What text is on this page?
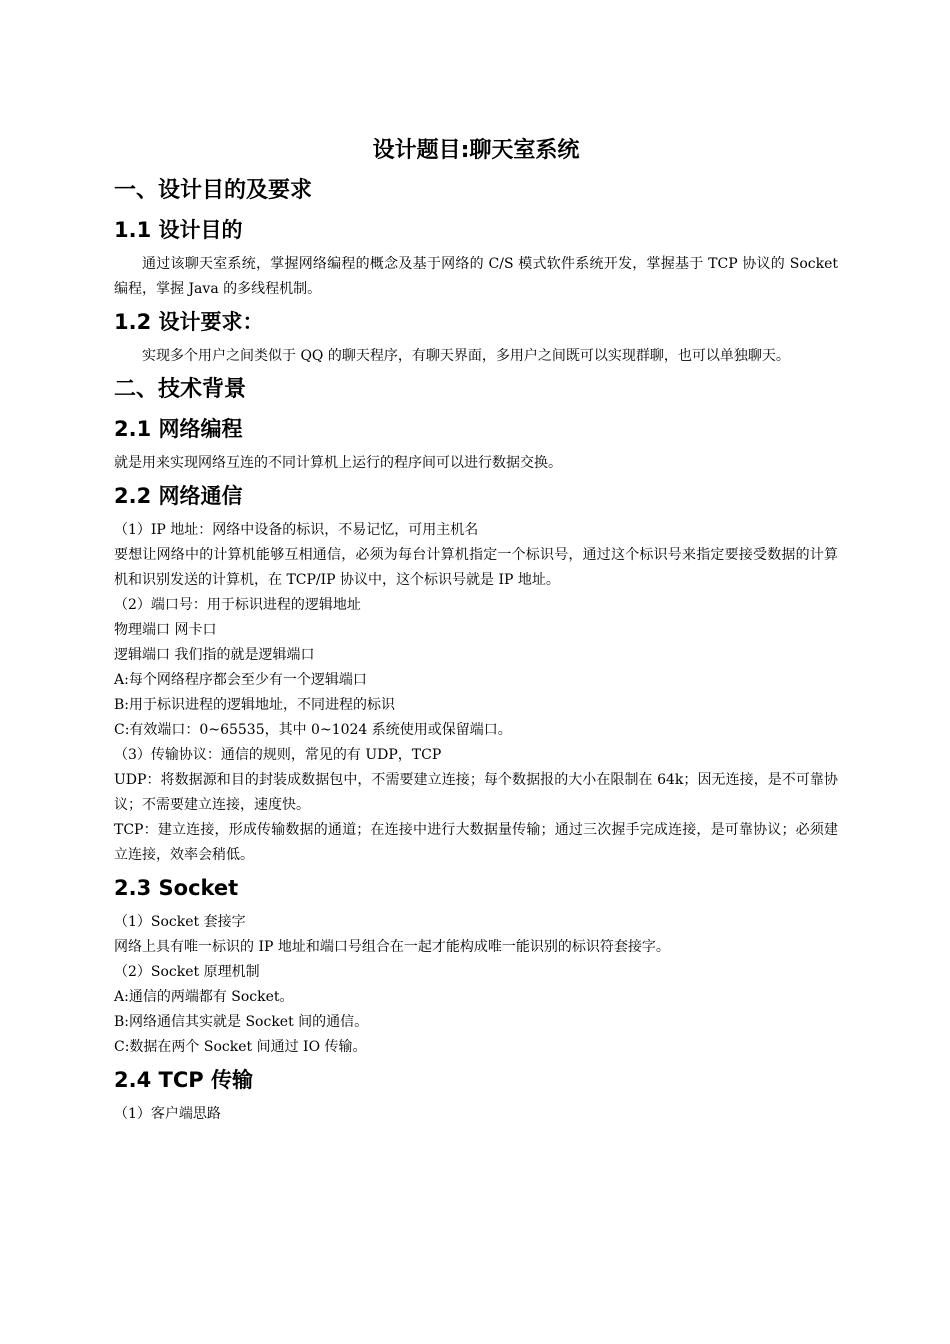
设计题目:聊天室系统
一、设计目的及要求
1.1 设计目的

通过该聊天室系统，掌握网络编程的概念及基于网络的 C/S 模式软件系统开发，掌握基于 TCP 协议的 Socket 编程，掌握 Java 的多线程机制。

1.2 设计要求：

实现多个用户之间类似于 QQ 的聊天程序，有聊天界面，多用户之间既可以实现群聊，也可以单独聊天。

二、技术背景
2.1 网络编程

就是用来实现网络互连的不同计算机上运行的程序间可以进行数据交换。

2.2 网络通信

（1）IP 地址：网络中设备的标识，不易记忆，可用主机名

要想让网络中的计算机能够互相通信，必须为每台计算机指定一个标识号，通过这个标识号来指定要接受数据的计算机和识别发送的计算机，在 TCP/IP 协议中，这个标识号就是 IP 地址。

（2）端口号：用于标识进程的逻辑地址

物理端口 网卡口

逻辑端口 我们指的就是逻辑端口

A:每个网络程序都会至少有一个逻辑端口

B:用于标识进程的逻辑地址，不同进程的标识

C:有效端口：0~65535，其中 0~1024 系统使用或保留端口。

（3）传输协议：通信的规则，常见的有 UDP，TCP

UDP：将数据源和目的封装成数据包中，不需要建立连接；每个数据报的大小在限制在 64k；因无连接，是不可靠协议；不需要建立连接，速度快。

TCP：建立连接，形成传输数据的通道；在连接中进行大数据量传输；通过三次握手完成连接，是可靠协议；必须建立连接，效率会稍低。

2.3 Socket

（1）Socket 套接字

网络上具有唯一标识的 IP 地址和端口号组合在一起才能构成唯一能识别的标识符套接字。

（2）Socket 原理机制

A:通信的两端都有 Socket。

B:网络通信其实就是 Socket 间的通信。

C:数据在两个 Socket 间通过 IO 传输。

2.4 TCP 传输

（1）客户端思路
